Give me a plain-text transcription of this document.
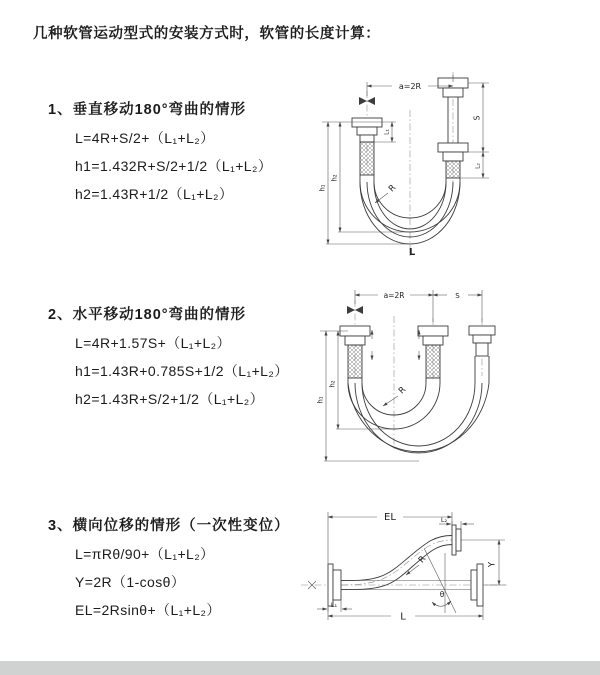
几种软管运动型式的安装方式时，软管的长度计算：
1、垂直移动180°弯曲的情形
L=4R+S/2+（L₁+L₂）
h1=1.432R+S/2+1/2（L₁+L₂）
h2=1.43R+1/2（L₁+L₂）
a=2R
S
L₂
h₁
h₂
L₁
R
L
2、水平移动180°弯曲的情形
L=4R+1.57S+（L₁+L₂）
h1=1.43R+0.785S+1/2（L₁+L₂）
h2=1.43R+S/2+1/2（L₁+L₂）
a=2R	S
h₁
h₂
R
3、横向位移的情形（一次性变位）
L=πRθ/90+（L₁+L₂）
Y=2R（1-cosθ）
EL=2Rsinθ+（L₁+L₂）
EL	L₂
Y
L
L₁
θ
R
